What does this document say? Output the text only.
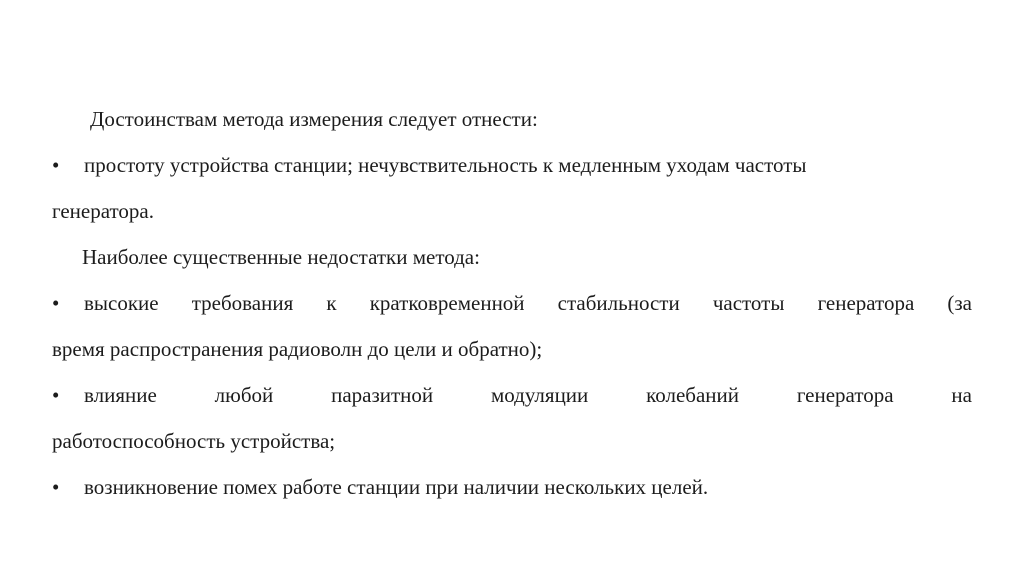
Достоинствам метода измерения следует отнести:
•	простоту устройства станции; нечувствительность к медленным уходам частоты
генератора.
Наиболее существенные недостатки метода:
•	высокие требования к кратковременной стабильности частоты генератора (за
время распространения радиоволн до цели и обратно);
•	влияние	любой	паразитной	модуляции	колебаний	генератора	на
работоспособность устройства;
•	возникновение помех работе станции при наличии нескольких целей.
